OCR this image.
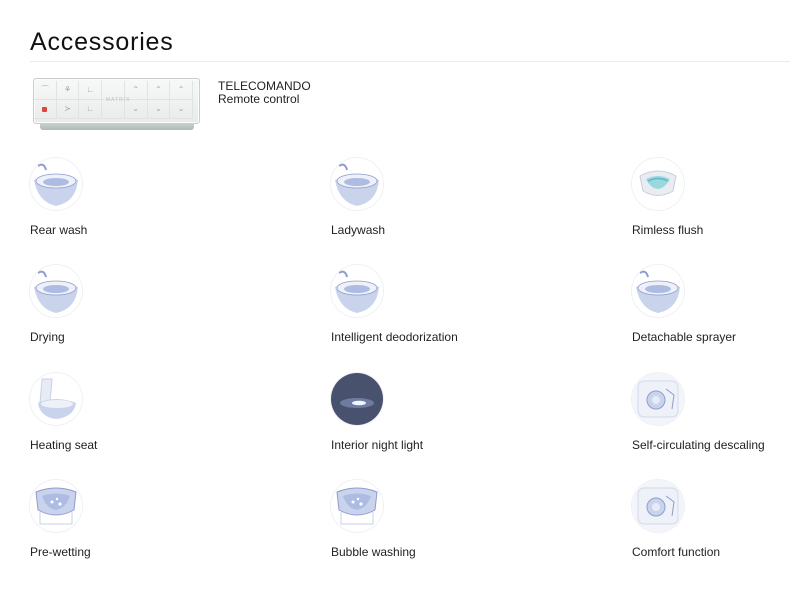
Accessories
⌒	⚘	∟	⌃	⌃	⌃
≻	∟	⌄	⌄	⌄
MATRIX
TELECOMANDO
Remote control
Rear wash	Ladywash	Rimless flush
Drying	Intelligent deodorization	Detachable sprayer
Heating seat	Interior night light	Self-circulating descaling
Pre-wetting	Bubble washing	Comfort function
